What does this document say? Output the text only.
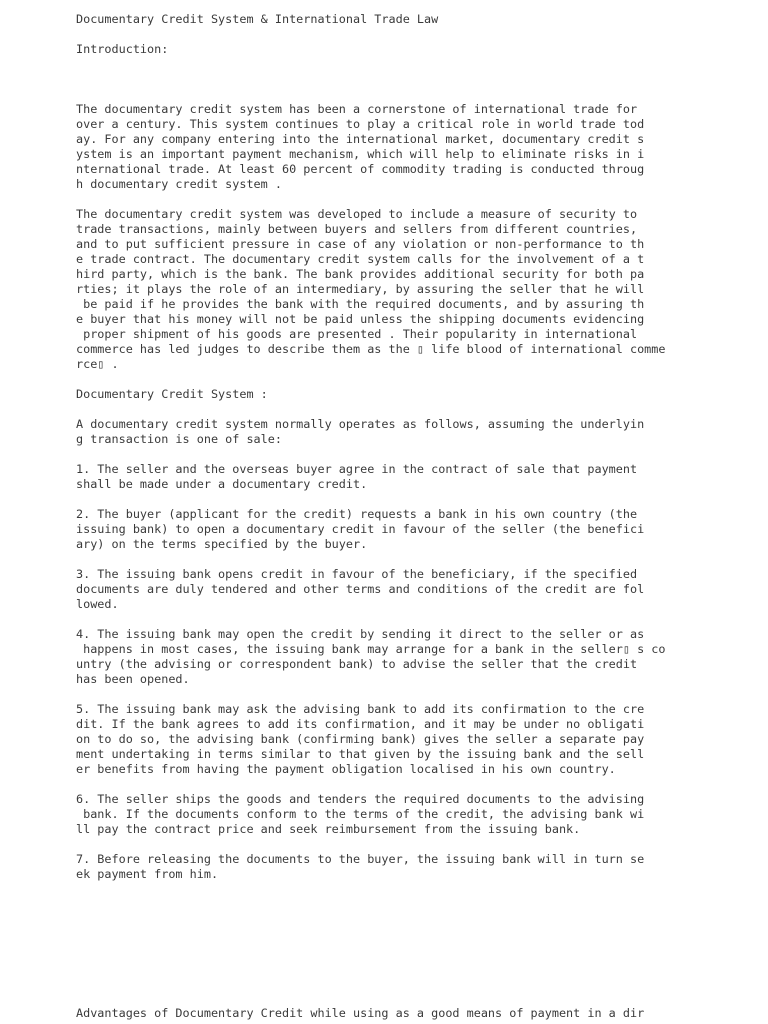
Documentary Credit System & International Trade Law
Introduction:
The documentary credit system has been a cornerstone of international trade for
over a century. This system continues to play a critical role in world trade tod
ay. For any company entering into the international market, documentary credit s
ystem is an important payment mechanism, which will help to eliminate risks in i
nternational trade. At least 60 percent of commodity trading is conducted throug
h documentary credit system .
The documentary credit system was developed to include a measure of security to
trade transactions, mainly between buyers and sellers from different countries,
and to put sufficient pressure in case of any violation or non-performance to th
e trade contract. The documentary credit system calls for the involvement of a t
hird party, which is the bank. The bank provides additional security for both pa
rties; it plays the role of an intermediary, by assuring the seller that he will
be paid if he provides the bank with the required documents, and by assuring th
e buyer that his money will not be paid unless the shipping documents evidencing
proper shipment of his goods are presented . Their popularity in international
commerce has led judges to describe them as the ▯ life blood of international comme
rce▯ .
Documentary Credit System :
A documentary credit system normally operates as follows, assuming the underlyin
g transaction is one of sale:
1. The seller and the overseas buyer agree in the contract of sale that payment
shall be made under a documentary credit.
2. The buyer (applicant for the credit) requests a bank in his own country (the
issuing bank) to open a documentary credit in favour of the seller (the benefici
ary) on the terms specified by the buyer.
3. The issuing bank opens credit in favour of the beneficiary, if the specified
documents are duly tendered and other terms and conditions of the credit are fol
lowed.
4. The issuing bank may open the credit by sending it direct to the seller or as
happens in most cases, the issuing bank may arrange for a bank in the seller▯ s co
untry (the advising or correspondent bank) to advise the seller that the credit
has been opened.
5. The issuing bank may ask the advising bank to add its confirmation to the cre
dit. If the bank agrees to add its confirmation, and it may be under no obligati
on to do so, the advising bank (confirming bank) gives the seller a separate pay
ment undertaking in terms similar to that given by the issuing bank and the sell
er benefits from having the payment obligation localised in his own country.
6. The seller ships the goods and tenders the required documents to the advising
bank. If the documents conform to the terms of the credit, the advising bank wi
ll pay the contract price and seek reimbursement from the issuing bank.
7. Before releasing the documents to the buyer, the issuing bank will in turn se
ek payment from him.
Advantages of Documentary Credit while using as a good means of payment in a dir
